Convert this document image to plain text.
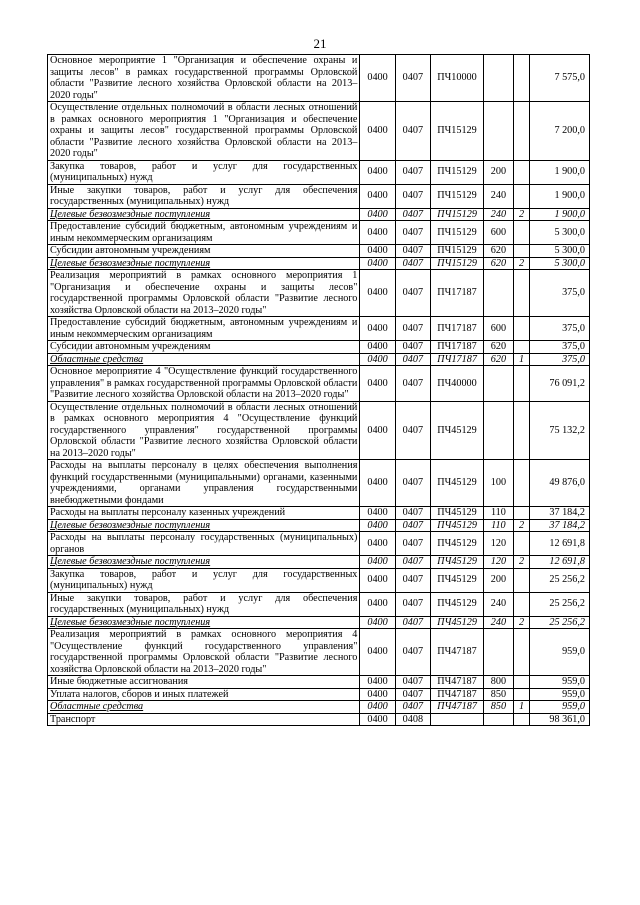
21
Основное мероприятие 1 "Организация и обеспечение охраны и защиты лесов" в рамках государственной программы Орловской области "Развитие лесного хозяйства Орловской области на 2013–2020 годы"	0400	0407	ПЧ10000			7 575,0
Осуществление отдельных полномочий в области лесных отношений в рамках основного мероприятия 1 "Организация и обеспечение охраны и защиты лесов" государственной программы Орловской области "Развитие лесного хозяйства Орловской области на 2013–2020 годы"	0400	0407	ПЧ15129			7 200,0
Закупка товаров, работ и услуг для государственных (муниципальных) нужд	0400	0407	ПЧ15129	200		1 900,0
Иные закупки товаров, работ и услуг для обеспечения государственных (муниципальных) нужд	0400	0407	ПЧ15129	240		1 900,0
Целевые безвозмездные поступления	0400	0407	ПЧ15129	240	2	1 900,0
Предоставление субсидий бюджетным, автономным учреждениям и иным некоммерческим организациям	0400	0407	ПЧ15129	600		5 300,0
Субсидии автономным учреждениям	0400	0407	ПЧ15129	620		5 300,0
Целевые безвозмездные поступления	0400	0407	ПЧ15129	620	2	5 300,0
Реализация мероприятий в рамках основного мероприятия 1 "Организация и обеспечение охраны и защиты лесов" государственной программы Орловской области "Развитие лесного хозяйства Орловской области на 2013–2020 годы"	0400	0407	ПЧ17187			375,0
Предоставление субсидий бюджетным, автономным учреждениям и иным некоммерческим организациям	0400	0407	ПЧ17187	600		375,0
Субсидии автономным учреждениям	0400	0407	ПЧ17187	620		375,0
Областные средства	0400	0407	ПЧ17187	620	1	375,0
Основное мероприятие 4 "Осуществление функций государственного управления" в рамках государственной программы Орловской области "Развитие лесного хозяйства Орловской области на 2013–2020 годы"	0400	0407	ПЧ40000			76 091,2
Осуществление отдельных полномочий в области лесных отношений в рамках основного мероприятия 4 "Осуществление функций государственного управления" государственной программы Орловской области "Развитие лесного хозяйства Орловской области на 2013–2020 годы"	0400	0407	ПЧ45129			75 132,2
Расходы на выплаты персоналу в целях обеспечения выполнения функций государственными (муниципальными) органами, казенными учреждениями, органами управления государственными внебюджетными фондами	0400	0407	ПЧ45129	100		49 876,0
Расходы на выплаты персоналу казенных учреждений	0400	0407	ПЧ45129	110		37 184,2
Целевые безвозмездные поступления	0400	0407	ПЧ45129	110	2	37 184,2
Расходы на выплаты персоналу государственных (муниципальных) органов	0400	0407	ПЧ45129	120		12 691,8
Целевые безвозмездные поступления	0400	0407	ПЧ45129	120	2	12 691,8
Закупка товаров, работ и услуг для государственных (муниципальных) нужд	0400	0407	ПЧ45129	200		25 256,2
Иные закупки товаров, работ и услуг для обеспечения государственных (муниципальных) нужд	0400	0407	ПЧ45129	240		25 256,2
Целевые безвозмездные поступления	0400	0407	ПЧ45129	240	2	25 256,2
Реализация мероприятий в рамках основного мероприятия 4 "Осуществление функций государственного управления" государственной программы Орловской области "Развитие лесного хозяйства Орловской области на 2013–2020 годы"	0400	0407	ПЧ47187			959,0
Иные бюджетные ассигнования	0400	0407	ПЧ47187	800		959,0
Уплата налогов, сборов и иных платежей	0400	0407	ПЧ47187	850		959,0
Областные средства	0400	0407	ПЧ47187	850	1	959,0
Транспорт	0400	0408				98 361,0
